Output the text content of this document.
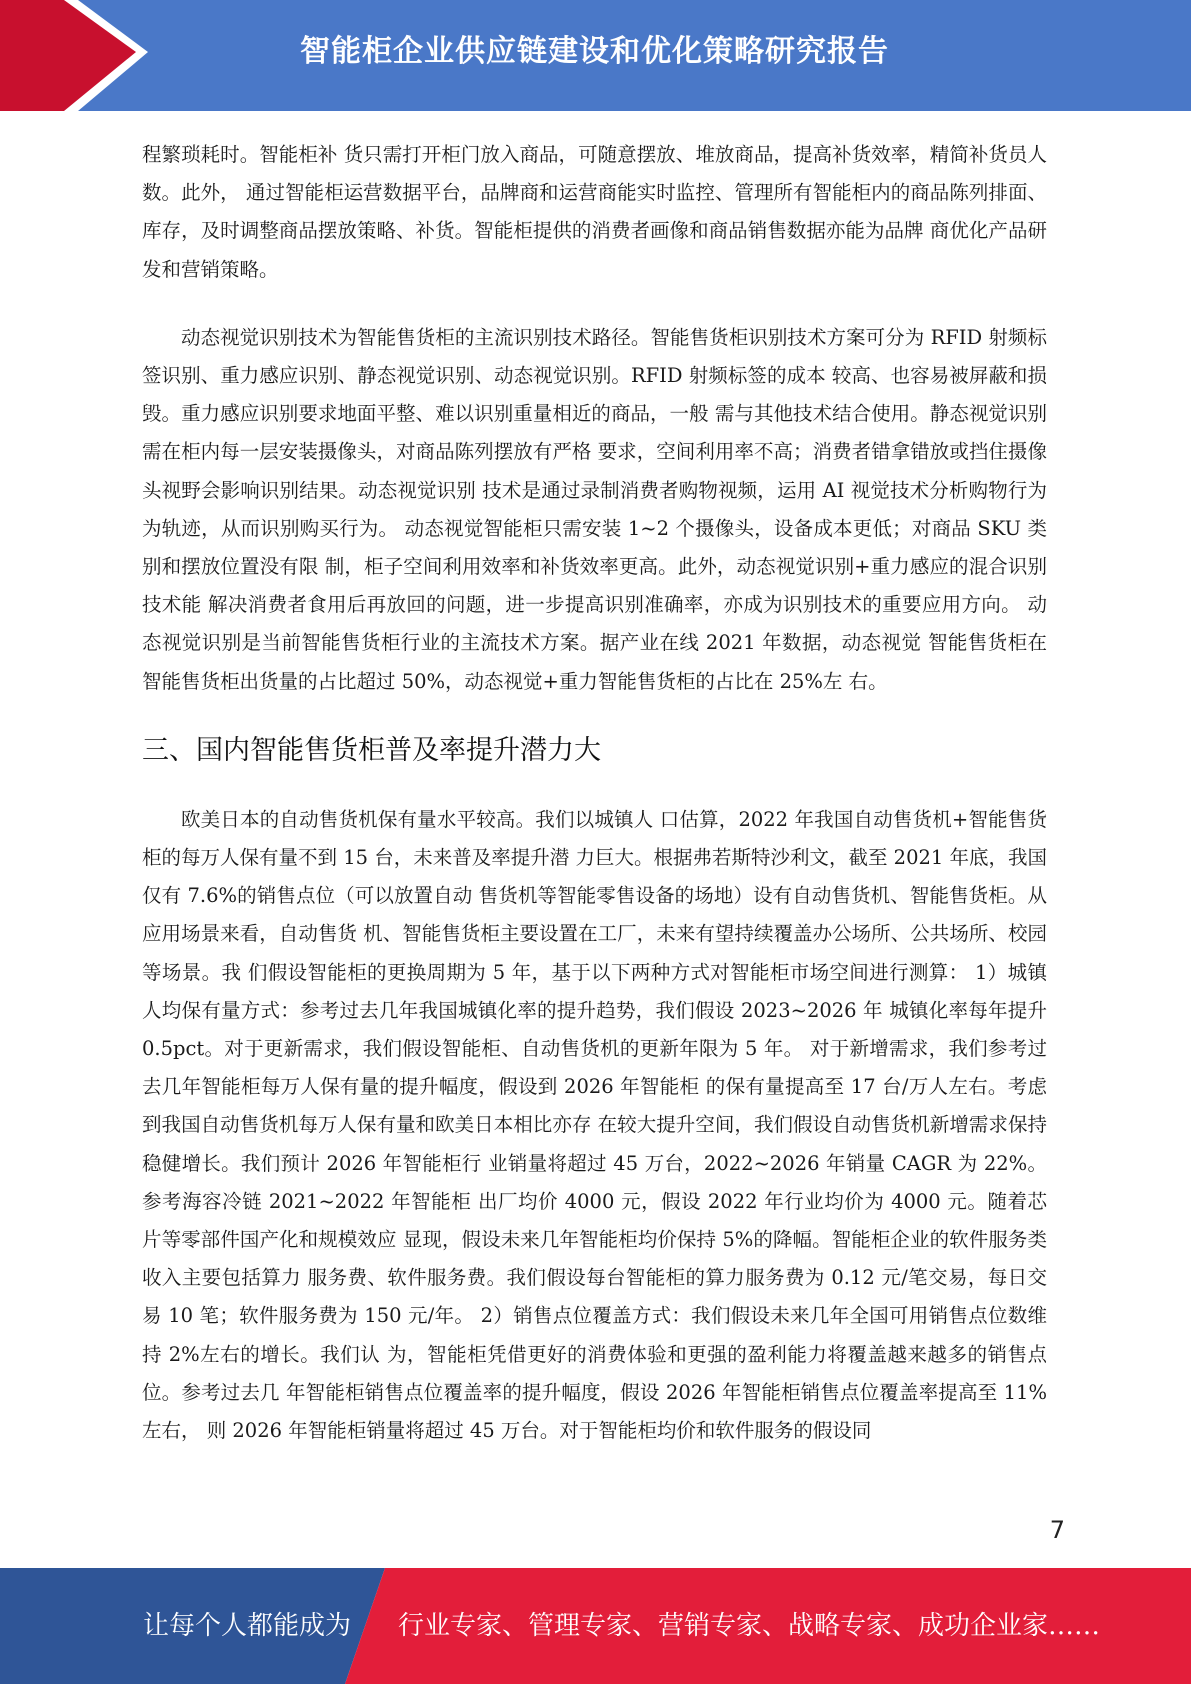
智能柜企业供应链建设和优化策略研究报告

程繁琐耗时。智能柜补 货只需打开柜门放入商品，可随意摆放、堆放商品，提高补货效率，精简补货员人数。此外， 通过智能柜运营数据平台，品牌商和运营商能实时监控、管理所有智能柜内的商品陈列排面、 库存，及时调整商品摆放策略、补货。智能柜提供的消费者画像和商品销售数据亦能为品牌 商优化产品研发和营销策略。

动态视觉识别技术为智能售货柜的主流识别技术路径。智能售货柜识别技术方案可分为 RFID 射频标签识别、重力感应识别、静态视觉识别、动态视觉识别。RFID 射频标签的成本 较高、也容易被屏蔽和损毁。重力感应识别要求地面平整、难以识别重量相近的商品，一般 需与其他技术结合使用。静态视觉识别需在柜内每一层安装摄像头，对商品陈列摆放有严格 要求，空间利用率不高；消费者错拿错放或挡住摄像头视野会影响识别结果。动态视觉识别 技术是通过录制消费者购物视频，运用 AI 视觉技术分析购物行为为轨迹，从而识别购买行为。 动态视觉智能柜只需安装 1~2 个摄像头，设备成本更低；对商品 SKU 类别和摆放位置没有限 制，柜子空间利用效率和补货效率更高。此外，动态视觉识别+重力感应的混合识别技术能 解决消费者食用后再放回的问题，进一步提高识别准确率，亦成为识别技术的重要应用方向。 动态视觉识别是当前智能售货柜行业的主流技术方案。据产业在线 2021 年数据，动态视觉 智能售货柜在智能售货柜出货量的占比超过 50%，动态视觉+重力智能售货柜的占比在 25%左 右。

三、国内智能售货柜普及率提升潜力大

欧美日本的自动售货机保有量水平较高。我们以城镇人 口估算，2022 年我国自动售货机+智能售货柜的每万人保有量不到 15 台，未来普及率提升潜 力巨大。根据弗若斯特沙利文，截至 2021 年底，我国仅有 7.6%的销售点位（可以放置自动 售货机等智能零售设备的场地）设有自动售货机、智能售货柜。从应用场景来看，自动售货 机、智能售货柜主要设置在工厂，未来有望持续覆盖办公场所、公共场所、校园等场景。我 们假设智能柜的更换周期为 5 年，基于以下两种方式对智能柜市场空间进行测算： 1）城镇人均保有量方式：参考过去几年我国城镇化率的提升趋势，我们假设 2023~2026 年 城镇化率每年提升 0.5pct。对于更新需求，我们假设智能柜、自动售货机的更新年限为 5 年。 对于新增需求，我们参考过去几年智能柜每万人保有量的提升幅度，假设到 2026 年智能柜 的保有量提高至 17 台/万人左右。考虑到我国自动售货机每万人保有量和欧美日本相比亦存 在较大提升空间，我们假设自动售货机新增需求保持稳健增长。我们预计 2026 年智能柜行 业销量将超过 45 万台，2022~2026 年销量 CAGR 为 22%。参考海容冷链 2021~2022 年智能柜 出厂均价 4000 元，假设 2022 年行业均价为 4000 元。随着芯片等零部件国产化和规模效应 显现，假设未来几年智能柜均价保持 5%的降幅。智能柜企业的软件服务类收入主要包括算力 服务费、软件服务费。我们假设每台智能柜的算力服务费为 0.12 元/笔交易，每日交易 10 笔；软件服务费为 150 元/年。 2）销售点位覆盖方式：我们假设未来几年全国可用销售点位数维持 2%左右的增长。我们认 为，智能柜凭借更好的消费体验和更强的盈利能力将覆盖越来越多的销售点位。参考过去几 年智能柜销售点位覆盖率的提升幅度，假设 2026 年智能柜销售点位覆盖率提高至 11%左右， 则 2026 年智能柜销量将超过 45 万台。对于智能柜均价和软件服务的假设同

7
让每个人都能成为 行业专家、管理专家、营销专家、战略专家、成功企业家……
